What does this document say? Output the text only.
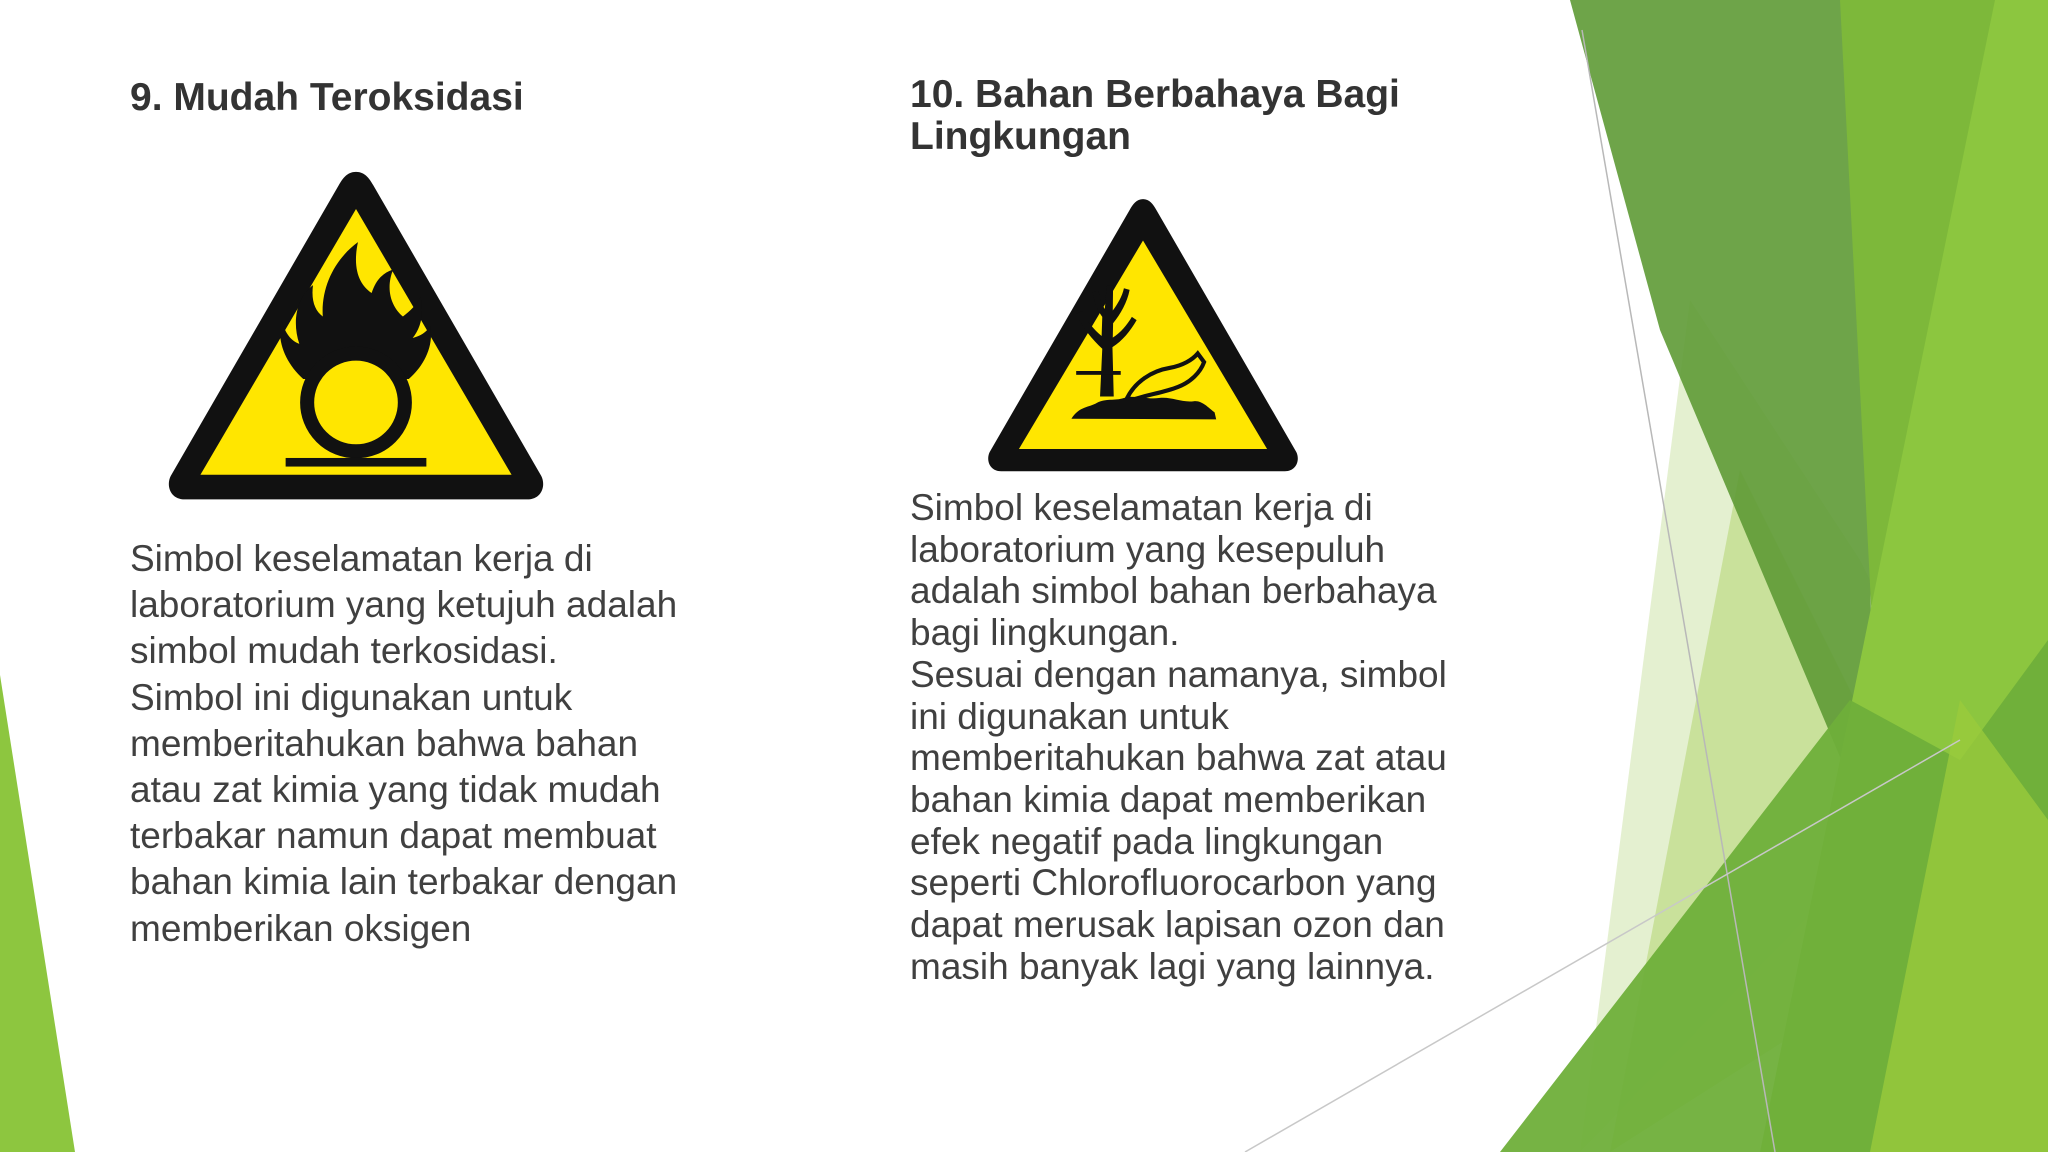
9. Mudah Teroksidasi
Simbol keselamatan kerja di
laboratorium yang ketujuh adalah
simbol mudah terkosidasi.
Simbol ini digunakan untuk
memberitahukan bahwa bahan
atau zat kimia yang tidak mudah
terbakar namun dapat membuat
bahan kimia lain terbakar dengan
memberikan oksigen
10. Bahan Berbahaya Bagi
Lingkungan
Simbol keselamatan kerja di
laboratorium yang kesepuluh
adalah simbol bahan berbahaya
bagi lingkungan.
Sesuai dengan namanya, simbol
ini digunakan untuk
memberitahukan bahwa zat atau
bahan kimia dapat memberikan
efek negatif pada lingkungan
seperti Chlorofluorocarbon yang
dapat merusak lapisan ozon dan
masih banyak lagi yang lainnya.
